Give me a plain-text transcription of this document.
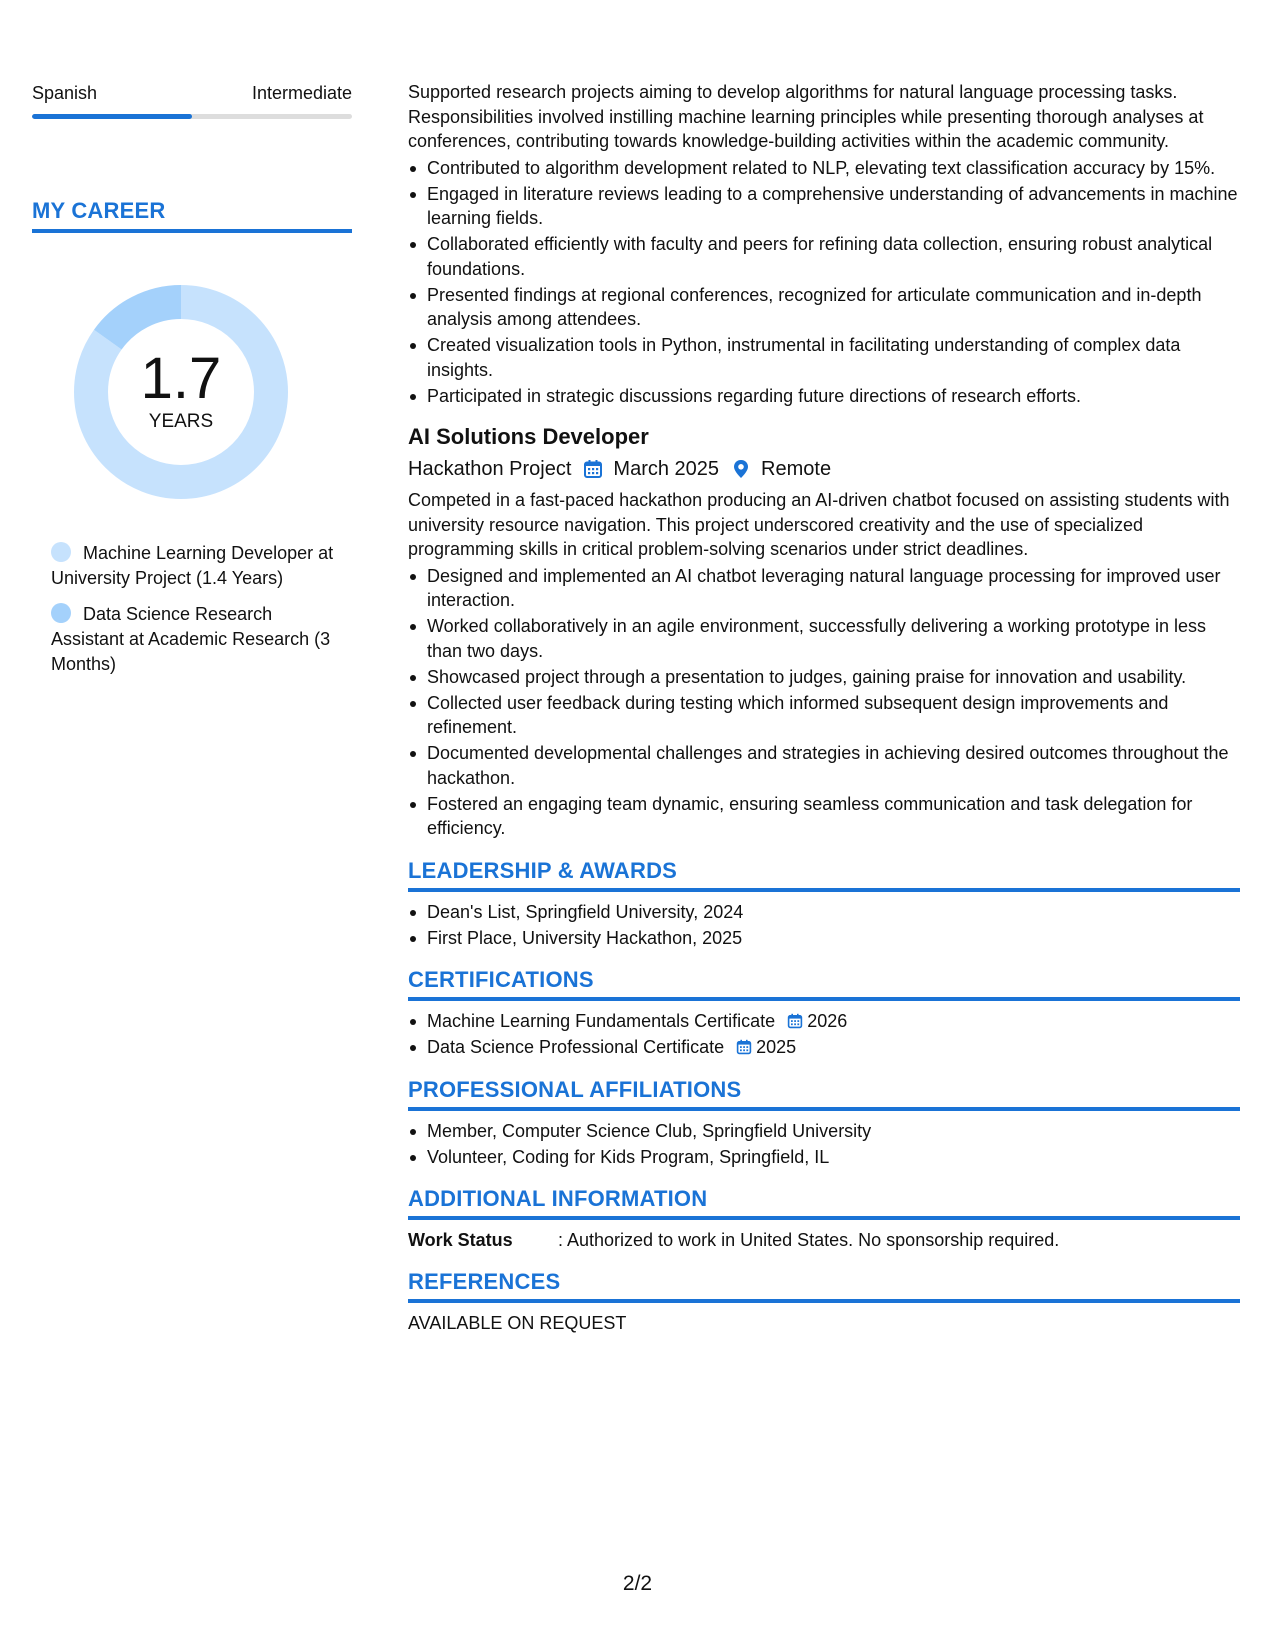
Spanish	Intermediate
MY CAREER
1.7
YEARS
Machine Learning Developer at University Project (1.4 Years)
Data Science Research Assistant at Academic Research (3 Months)

Supported research projects aiming to develop algorithms for natural language processing tasks. Responsibilities involved instilling machine learning principles while presenting thorough analyses at conferences, contributing towards knowledge-building activities within the academic community.

Contributed to algorithm development related to NLP, elevating text classification accuracy by 15%.
Engaged in literature reviews leading to a comprehensive understanding of advancements in machine learning fields.
Collaborated efficiently with faculty and peers for refining data collection, ensuring robust analytical foundations.
Presented findings at regional conferences, recognized for articulate communication and in-depth analysis among attendees.
Created visualization tools in Python, instrumental in facilitating understanding of complex data insights.
Participated in strategic discussions regarding future directions of research efforts.
AI Solutions Developer
Hackathon Project March 2025 Remote

Competed in a fast-paced hackathon producing an AI-driven chatbot focused on assisting students with university resource navigation. This project underscored creativity and the use of specialized programming skills in critical problem-solving scenarios under strict deadlines.

Designed and implemented an AI chatbot leveraging natural language processing for improved user interaction.
Worked collaboratively in an agile environment, successfully delivering a working prototype in less than two days.
Showcased project through a presentation to judges, gaining praise for innovation and usability.
Collected user feedback during testing which informed subsequent design improvements and refinement.
Documented developmental challenges and strategies in achieving desired outcomes throughout the hackathon.
Fostered an engaging team dynamic, ensuring seamless communication and task delegation for efficiency.
LEADERSHIP & AWARDS
Dean's List, Springfield University, 2024
First Place, University Hackathon, 2025
CERTIFICATIONS
Machine Learning Fundamentals Certificate 2026
Data Science Professional Certificate 2025
PROFESSIONAL AFFILIATIONS
Member, Computer Science Club, Springfield University
Volunteer, Coding for Kids Program, Springfield, IL
ADDITIONAL INFORMATION
Work Status	: Authorized to work in United States. No sponsorship required.
REFERENCES
AVAILABLE ON REQUEST
2/2
